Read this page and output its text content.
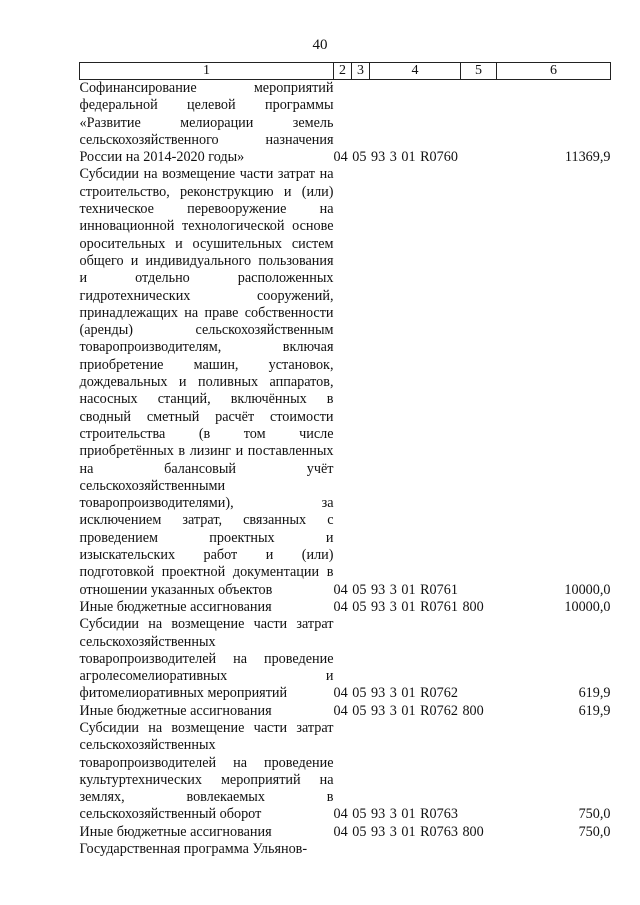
40
1	2	3	4	5	6
Софинансирование мероприятий федеральной целевой программы «Развитие мелиорации земель сельскохозяйственного назначения России на 2014-2020 годы»	04 05 93 3 01 R0760				11369,9
Субсидии на возмещение части затрат на строительство, реконструкцию и (или) техническое перевооружение на инновационной технологической основе оросительных и осушительных систем общего и индивидуального пользования и отдельно расположенных гидротехнических сооружений, принадлежащих на праве собственности (аренды) сельскохозяйственным товаропроизводителям, включая приобретение машин, установок, дождевальных и поливных аппаратов, насосных станций, включённых в сводный сметный расчёт стоимости строительства (в том числе приобретённых в лизинг и поставленных на балансовый учёт сельскохозяйственными товаропроизводителями), за исключением затрат, связанных с проведением проектных и изыскательских работ и (или) подготовкой проектной документации в отношении указанных объектов	04 05 93 3 01 R0761				10000,0
Иные бюджетные ассигнования	04 05 93 3 01 R0761 800				10000,0
Субсидии на возмещение части затрат сельскохозяйственных товаропроизводителей на проведение агролесомелиоративных и фитомелиоративных мероприятий	04 05 93 3 01 R0762				619,9
Иные бюджетные ассигнования	04 05 93 3 01 R0762 800				619,9
Субсидии на возмещение части затрат сельскохозяйственных товаропроизводителей на проведение культуртехнических мероприятий на землях, вовлекаемых в сельскохозяйственный оборот	04 05 93 3 01 R0763				750,0
Иные бюджетные ассигнования	04 05 93 3 01 R0763 800				750,0
Государственная программа Ульянов-					
